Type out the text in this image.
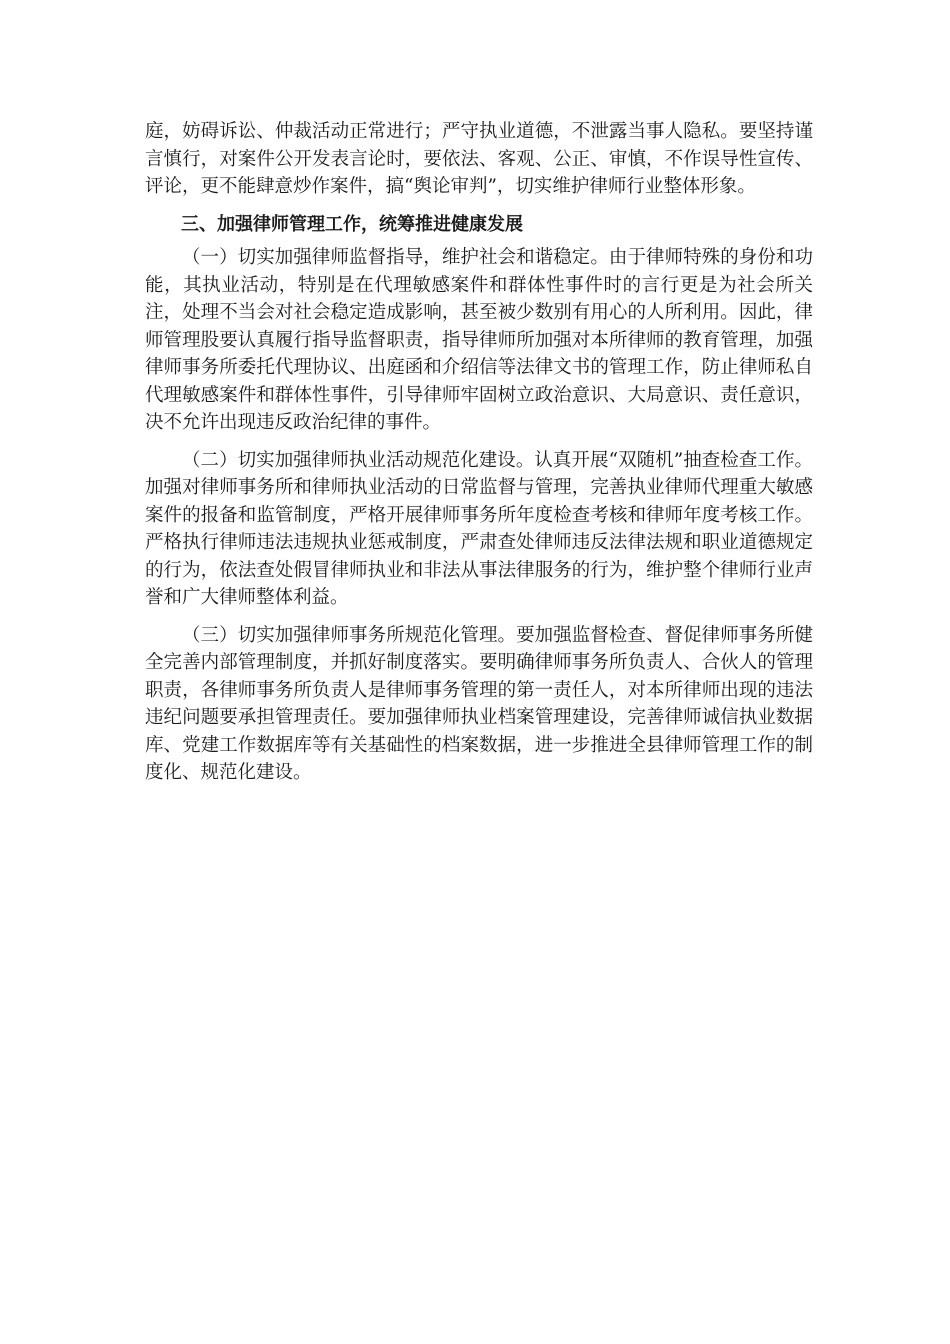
庭，妨碍诉讼、仲裁活动正常进行；严守执业道德，不泄露当事人隐私。要坚持谨言慎行，对案件公开发表言论时，要依法、客观、公正、审慎，不作误导性宣传、评论，更不能肆意炒作案件，搞“舆论审判”，切实维护律师行业整体形象。

三、加强律师管理工作，统筹推进健康发展

（一）切实加强律师监督指导，维护社会和谐稳定。由于律师特殊的身份和功能，其执业活动，特别是在代理敏感案件和群体性事件时的言行更是为社会所关注，处理不当会对社会稳定造成影响，甚至被少数别有用心的人所利用。因此，律师管理股要认真履行指导监督职责，指导律师所加强对本所律师的教育管理，加强律师事务所委托代理协议、出庭函和介绍信等法律文书的管理工作，防止律师私自代理敏感案件和群体性事件，引导律师牢固树立政治意识、大局意识、责任意识，决不允许出现违反政治纪律的事件。

（二）切实加强律师执业活动规范化建设。认真开展“双随机”抽查检查工作。加强对律师事务所和律师执业活动的日常监督与管理，完善执业律师代理重大敏感案件的报备和监管制度，严格开展律师事务所年度检查考核和律师年度考核工作。严格执行律师违法违规执业惩戒制度，严肃查处律师违反法律法规和职业道德规定的行为，依法查处假冒律师执业和非法从事法律服务的行为，维护整个律师行业声誉和广大律师整体利益。

（三）切实加强律师事务所规范化管理。要加强监督检查、督促律师事务所健全完善内部管理制度，并抓好制度落实。要明确律师事务所负责人、合伙人的管理职责，各律师事务所负责人是律师事务管理的第一责任人，对本所律师出现的违法违纪问题要承担管理责任。要加强律师执业档案管理建设，完善律师诚信执业数据库、党建工作数据库等有关基础性的档案数据，进一步推进全县律师管理工作的制度化、规范化建设。
